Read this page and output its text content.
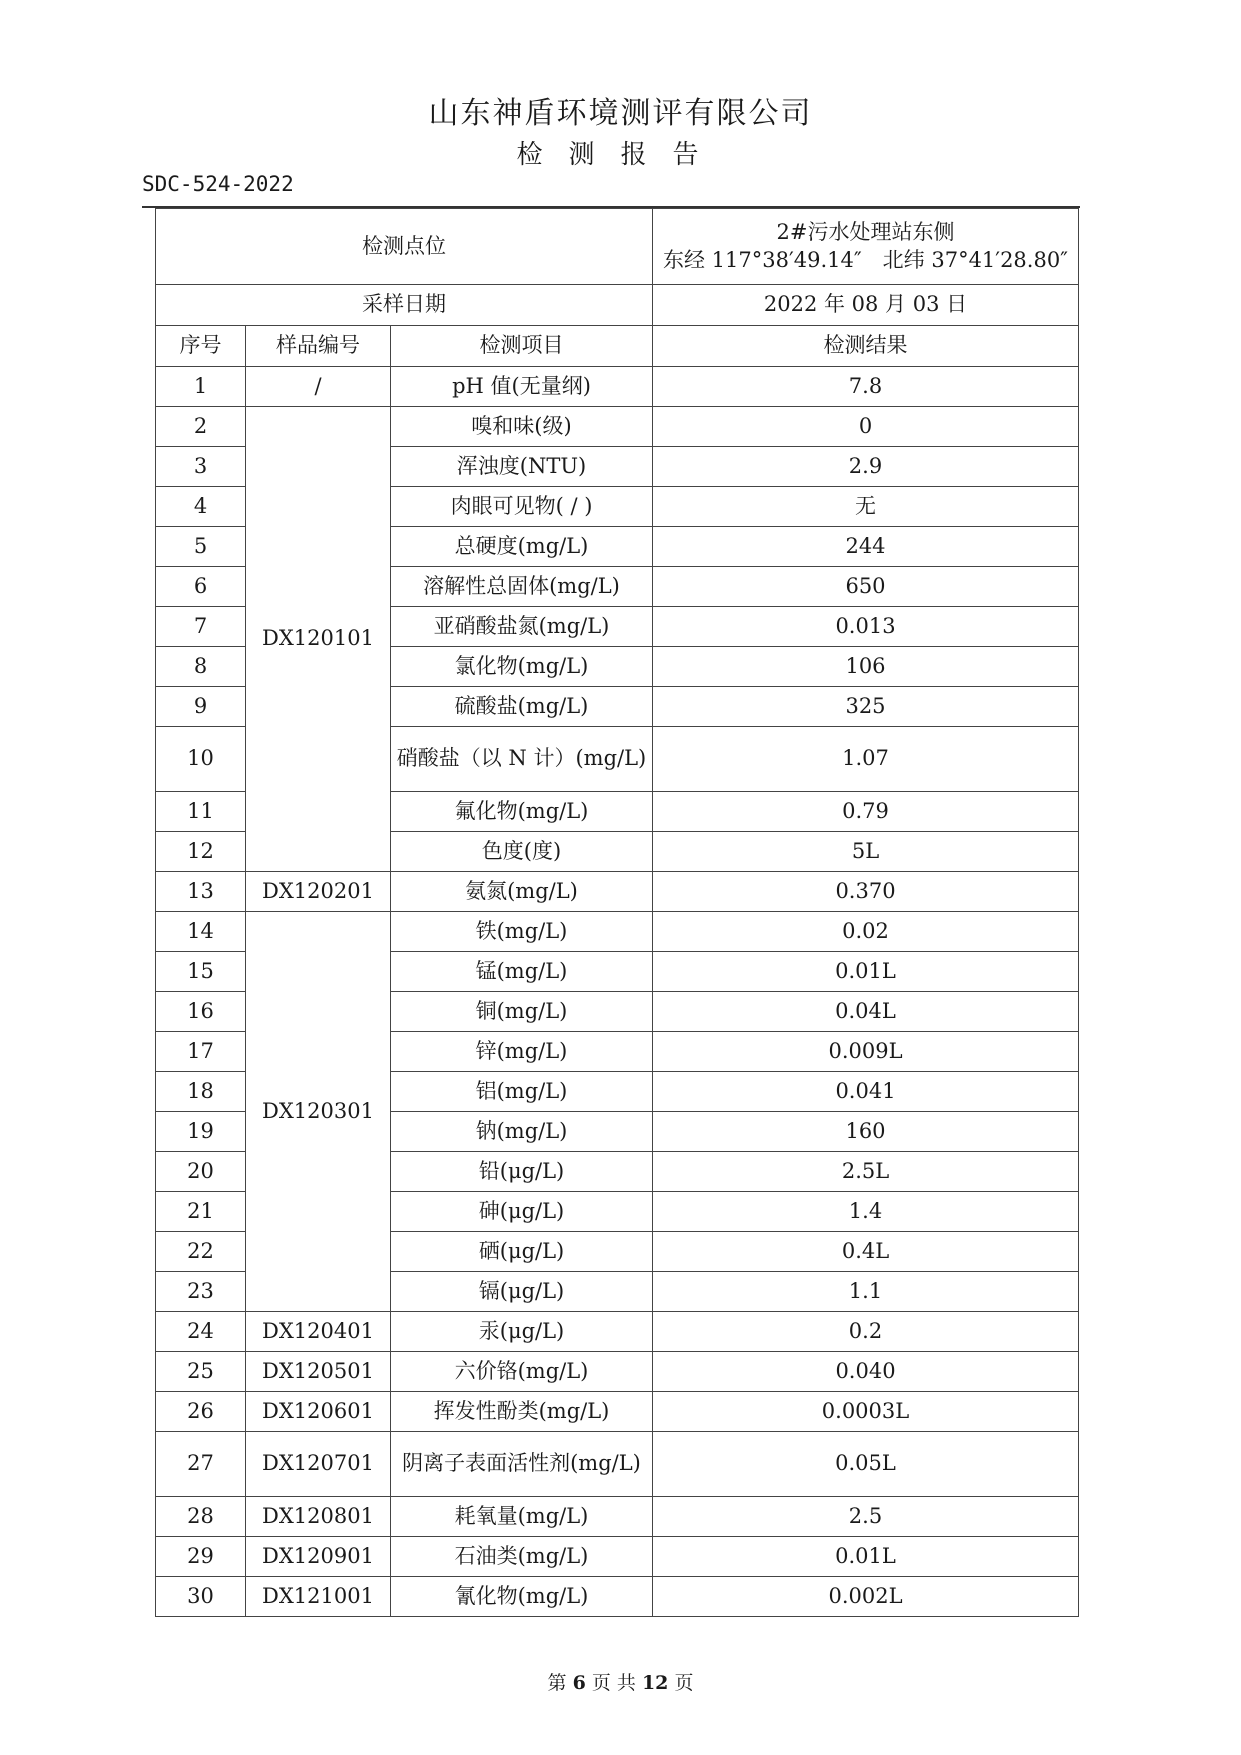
山东神盾环境测评有限公司
检测报告
SDC-524-2022
检测点位			2#污水处理站东侧
东经 117°38′49.14″　北纬 37°41′28.80″

采样日期			2022 年 08 月 03 日
序号	样品编号	检测项目	检测结果
1	/	pH 值(无量纲)	7.8
2	DX120101	嗅和味(级)	0
3		浑浊度(NTU)	2.9
4		肉眼可见物( / )	无
5		总硬度(mg/L)	244
6		溶解性总固体(mg/L)	650
7		亚硝酸盐氮(mg/L)	0.013
8		氯化物(mg/L)	106
9		硫酸盐(mg/L)	325
10		硝酸盐（以 N 计）(mg/L)	1.07
11		氟化物(mg/L)	0.79
12		色度(度)	5L
13	DX120201	氨氮(mg/L)	0.370
14	DX120301	铁(mg/L)	0.02
15		锰(mg/L)	0.01L
16		铜(mg/L)	0.04L
17		锌(mg/L)	0.009L
18		铝(mg/L)	0.041
19		钠(mg/L)	160
20		铅(μg/L)	2.5L
21		砷(μg/L)	1.4
22		硒(μg/L)	0.4L
23		镉(μg/L)	1.1
24	DX120401	汞(μg/L)	0.2
25	DX120501	六价铬(mg/L)	0.040
26	DX120601	挥发性酚类(mg/L)	0.0003L
27	DX120701	阴离子表面活性剂(mg/L)	0.05L
28	DX120801	耗氧量(mg/L)	2.5
29	DX120901	石油类(mg/L)	0.01L
30	DX121001	氰化物(mg/L)	0.002L
第 6 页 共 12 页
